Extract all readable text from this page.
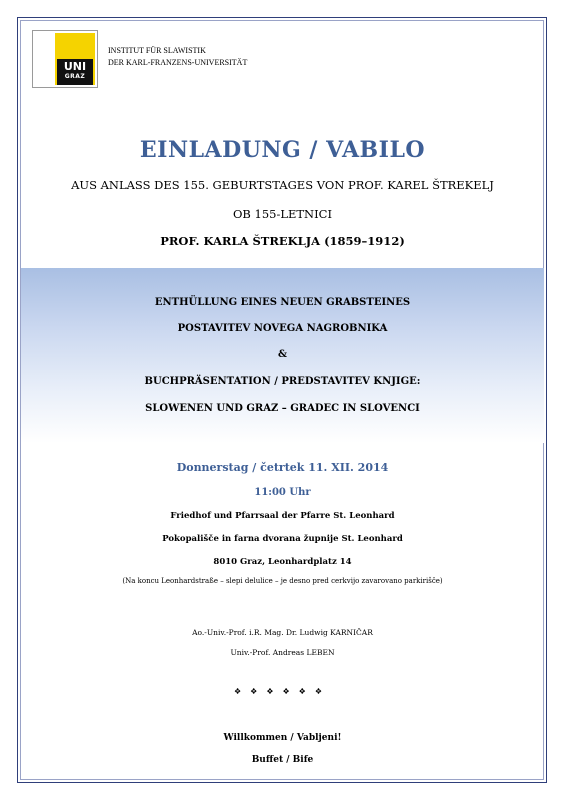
UNI
GRAZ
INSTITUT FÜR SLAWISTIK
DER KARL-FRANZENS-UNIVERSITÄT
EINLADUNG / VABILO
AUS ANLASS DES 155. GEBURTSTAGES VON PROF. KAREL ŠTREKELJ
OB 155-LETNICI
PROF. KARLA ŠTREKLJA (1859–1912)
ENTHÜLLUNG EINES NEUEN GRABSTEINES
POSTAVITEV NOVEGA NAGROBNIKA
&
BUCHPRÄSENTATION / PREDSTAVITEV KNJIGE:
SLOWENEN UND GRAZ – GRADEC IN SLOVENCI
Donnerstag / četrtek 11. XII. 2014
11:00 Uhr
Friedhof und Pfarrsaal der Pfarre St. Leonhard
Pokopališče in farna dvorana župnije St. Leonhard
8010 Graz, Leonhardplatz 14
(Na koncu Leonhardstraße – slepi delulice – je desno pred cerkvijo zavarovano parkirišče)
Ao.-Univ.-Prof. i.R. Mag. Dr. Ludwig KARNIČAR
Univ.-Prof. Andreas LEBEN
❖❖❖❖❖❖
Willkommen / Vabljeni!
Buffet / Bife
